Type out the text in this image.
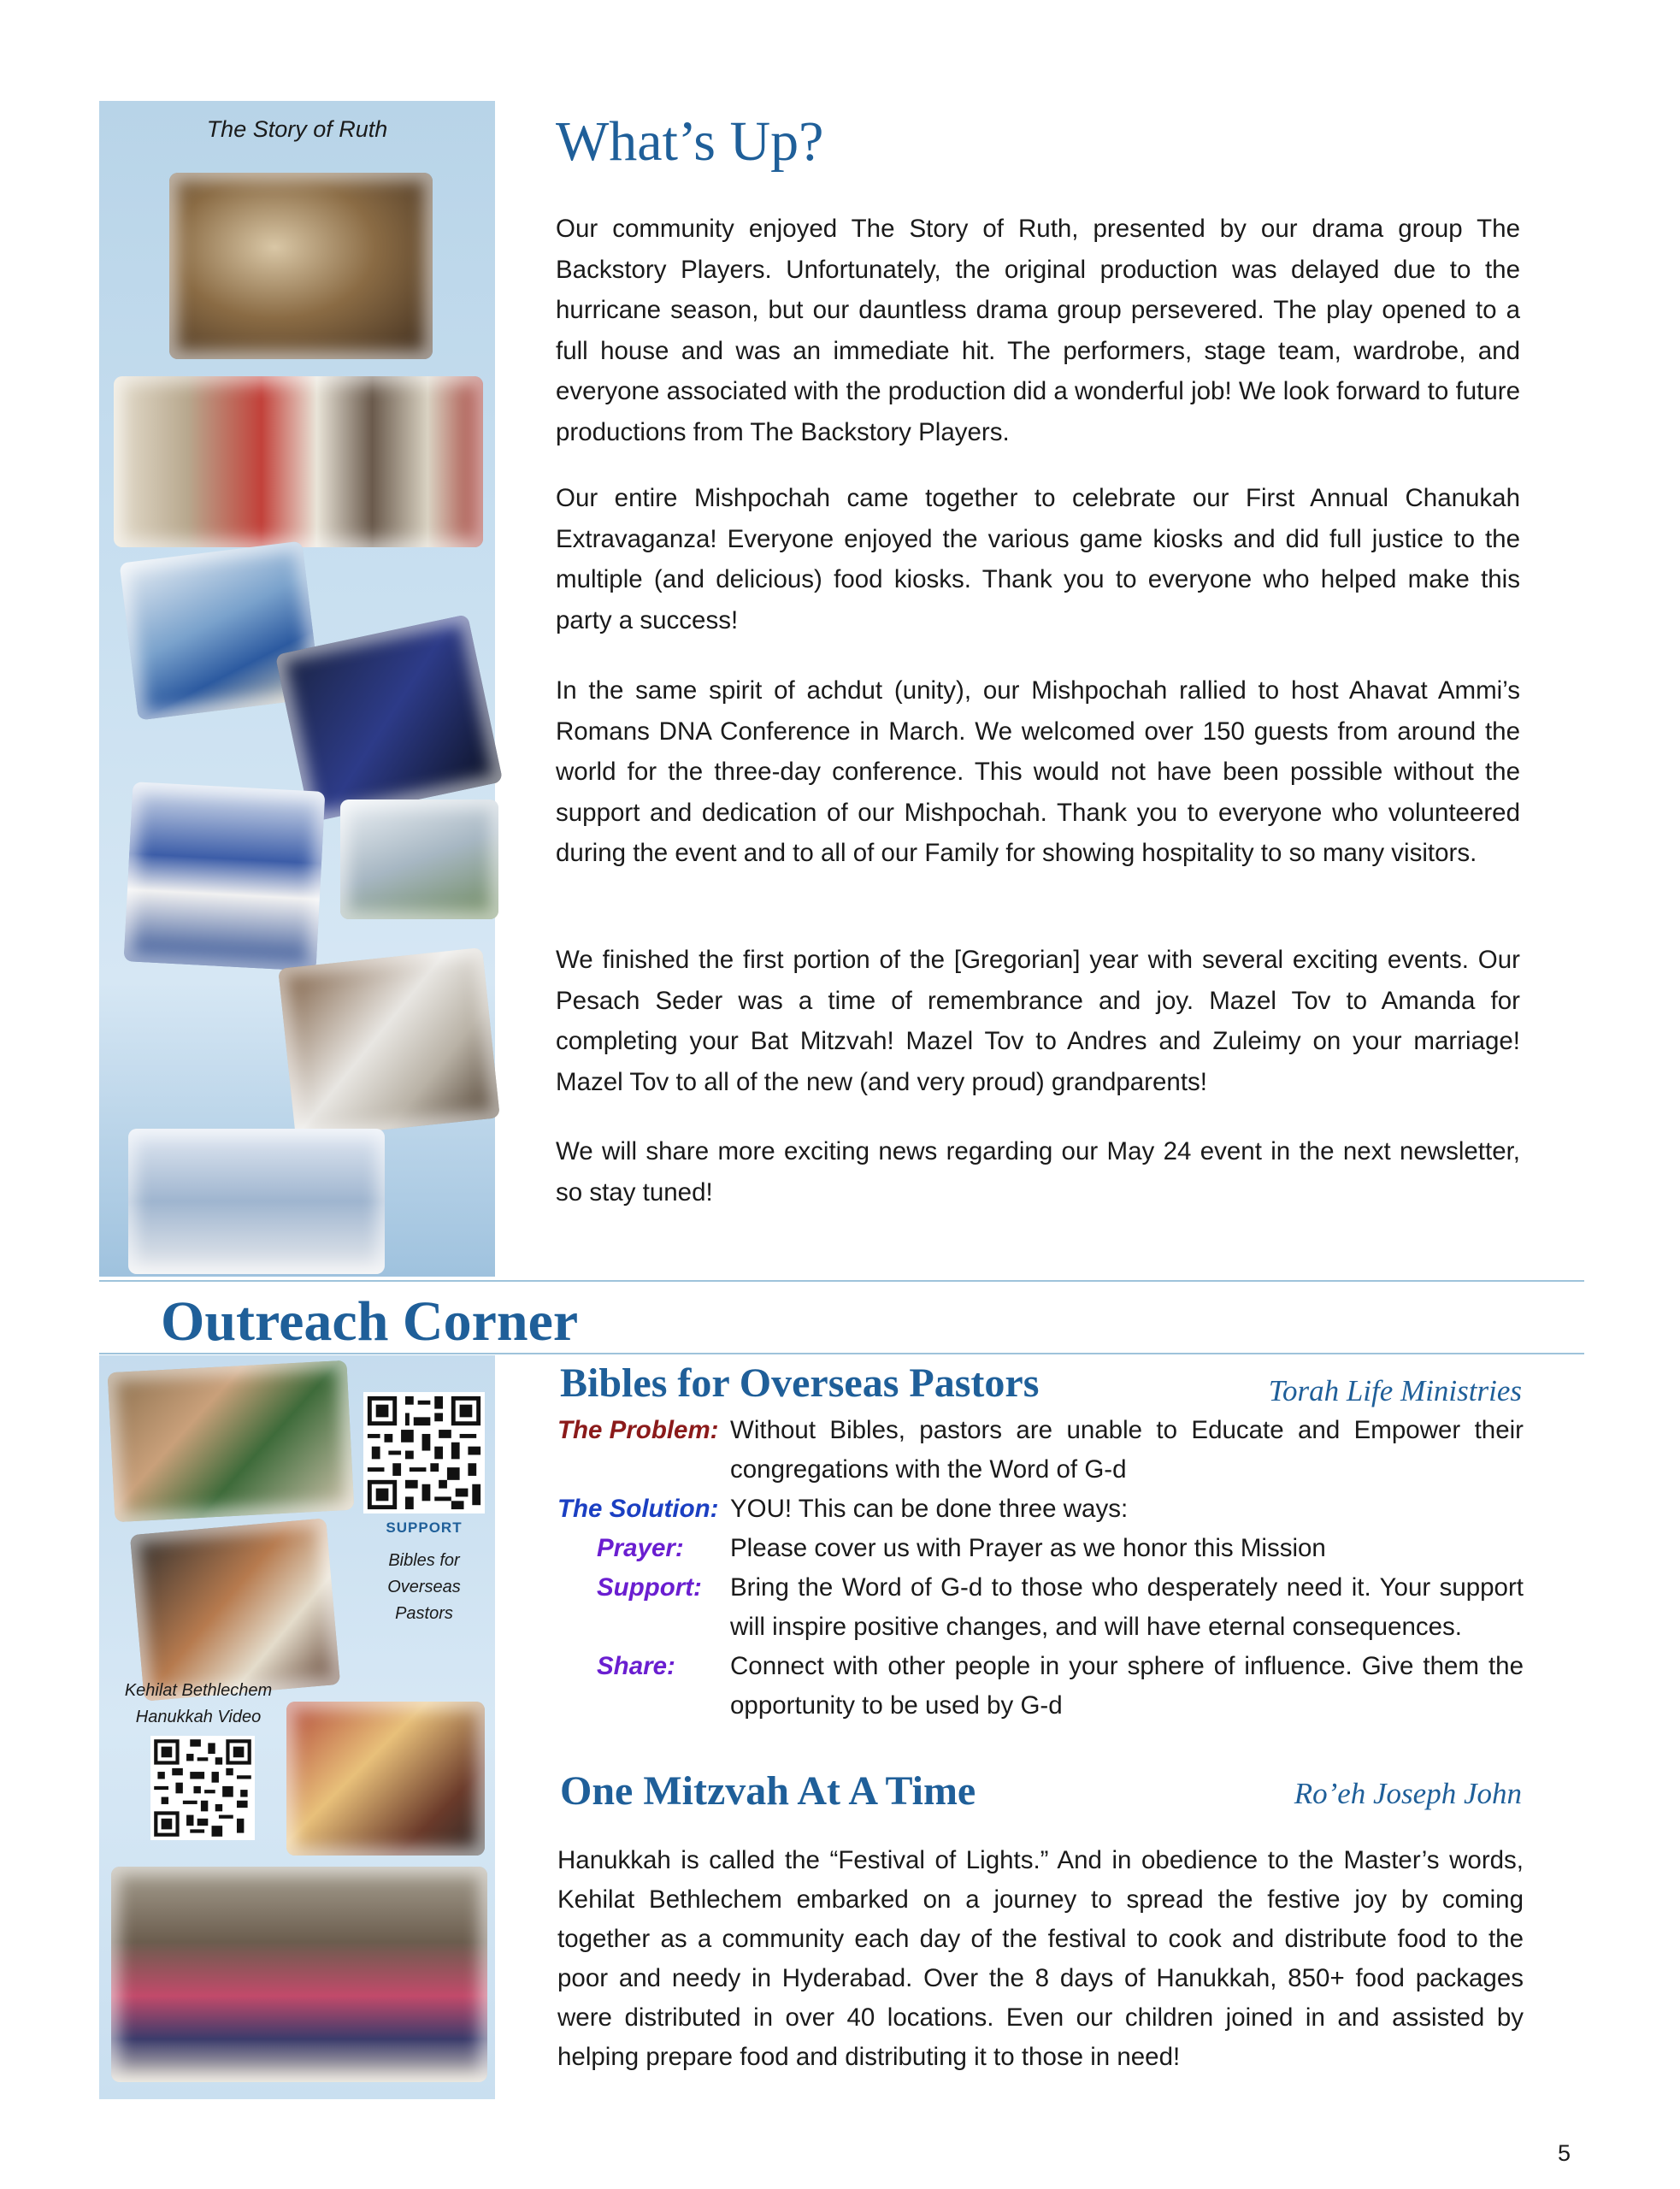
The Story of Ruth	What’s Up?
Our community enjoyed The Story of Ruth, presented by our drama group The Backstory Players. Unfortunately, the original production was delayed due to the hurricane season, but our dauntless drama group persevered. The play opened to a full house and was an immediate hit. The performers, stage team, wardrobe, and everyone associated with the production did a wonderful job! We look forward to future productions from The Backstory Players.
Our entire Mishpochah came together to celebrate our First Annual Chanukah Extravaganza! Everyone enjoyed the various game kiosks and did full justice to the multiple (and delicious) food kiosks. Thank you to everyone who helped make this party a success!
In the same spirit of achdut (unity), our Mishpochah rallied to host Ahavat Ammi’s Romans DNA Conference in March. We welcomed over 150 guests from around the world for the three-day conference. This would not have been possible without the support and dedication of our Mishpochah. Thank you to everyone who volunteered during the event and to all of our Family for showing hospitality to so many visitors.
We finished the first portion of the [Gregorian] year with several exciting events. Our Pesach Seder was a time of remembrance and joy. Mazel Tov to Amanda for completing your Bat Mitzvah! Mazel Tov to Andres and Zuleimy on your marriage! Mazel Tov to all of the new (and very proud) grandparents!
We will share more exciting news regarding our May 24 event in the next newsletter, so stay tuned!
Outreach Corner
SUPPORT
Bibles for Overseas Pastors
Kehilat Bethlechem Hanukkah Video
Bibles for Overseas Pastors	Torah Life Ministries
The Problem: Without Bibles, pastors are unable to Educate and Empower their congregations with the Word of G-d
The Solution: YOU! This can be done three ways:
Prayer: Please cover us with Prayer as we honor this Mission
Support: Bring the Word of G-d to those who desperately need it. Your support will inspire positive changes, and will have eternal consequences.
Share: Connect with other people in your sphere of influence. Give them the opportunity to be used by G-d
One Mitzvah At A Time	Ro’eh Joseph John
Hanukkah is called the “Festival of Lights.” And in obedience to the Master’s words, Kehilat Bethlechem embarked on a journey to spread the festive joy by coming together as a community each day of the festival to cook and distribute food to the poor and needy in Hyderabad. Over the 8 days of Hanukkah, 850+ food packages were distributed in over 40 locations. Even our children joined in and assisted by helping prepare food and distributing it to those in need!
5
